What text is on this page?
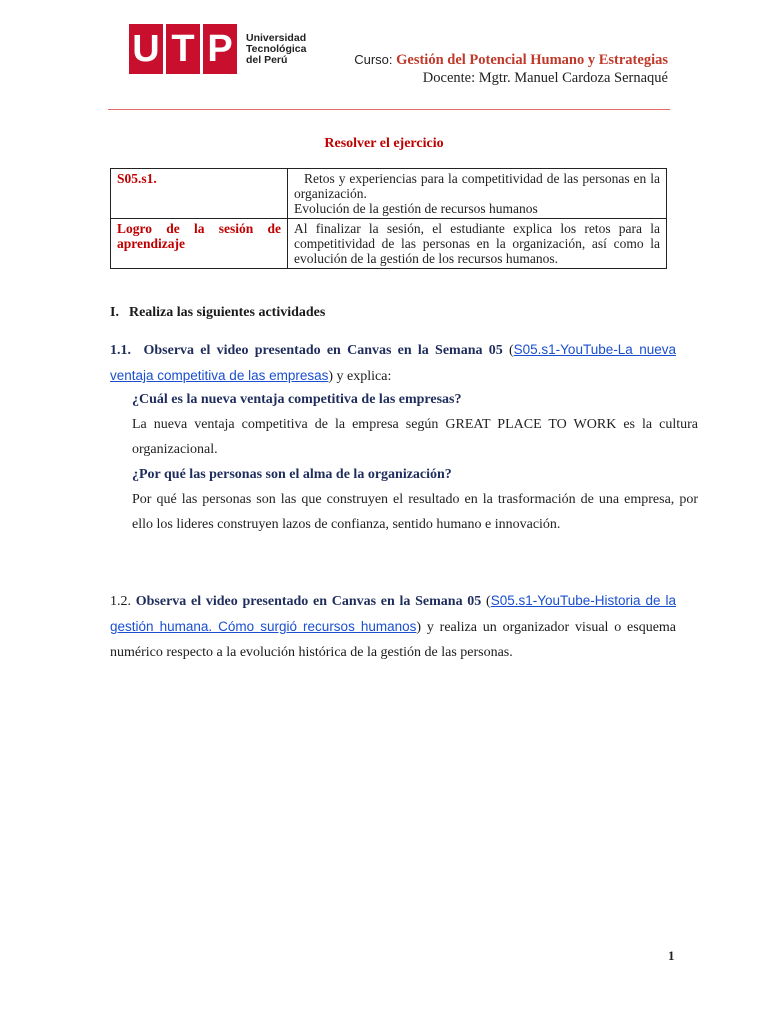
U T P	Universidad
Tecnológica
del Perú	Curso: Gestión del Potencial Humano y Estrategias
Docente: Mgtr. Manuel Cardoza Sernaqué
Resolver el ejercicio
S05.s1.	Retos y experiencias para la competitividad de las personas en la organización.
Evolución de la gestión de recursos humanos

Logro de la sesión de aprendizaje	Al finalizar la sesión, el estudiante explica los retos para la competitividad de las personas en la organización, así como la evolución de la gestión de los recursos humanos.
I. Realiza las siguientes actividades
1.1. Observa el video presentado en Canvas en la Semana 05 (S05.s1-YouTube-La nueva ventaja competitiva de las empresas) y explica:
¿Cuál es la nueva ventaja competitiva de las empresas?
La nueva ventaja competitiva de la empresa según GREAT PLACE TO WORK es la cultura organizacional.
¿Por qué las personas son el alma de la organización?
Por qué las personas son las que construyen el resultado en la trasformación de una empresa, por ello los lideres construyen lazos de confianza, sentido humano e innovación.
1.2. Observa el video presentado en Canvas en la Semana 05 (S05.s1-YouTube-Historia de la gestión humana. Cómo surgió recursos humanos) y realiza un organizador visual o esquema numérico respecto a la evolución histórica de la gestión de las personas.
1
